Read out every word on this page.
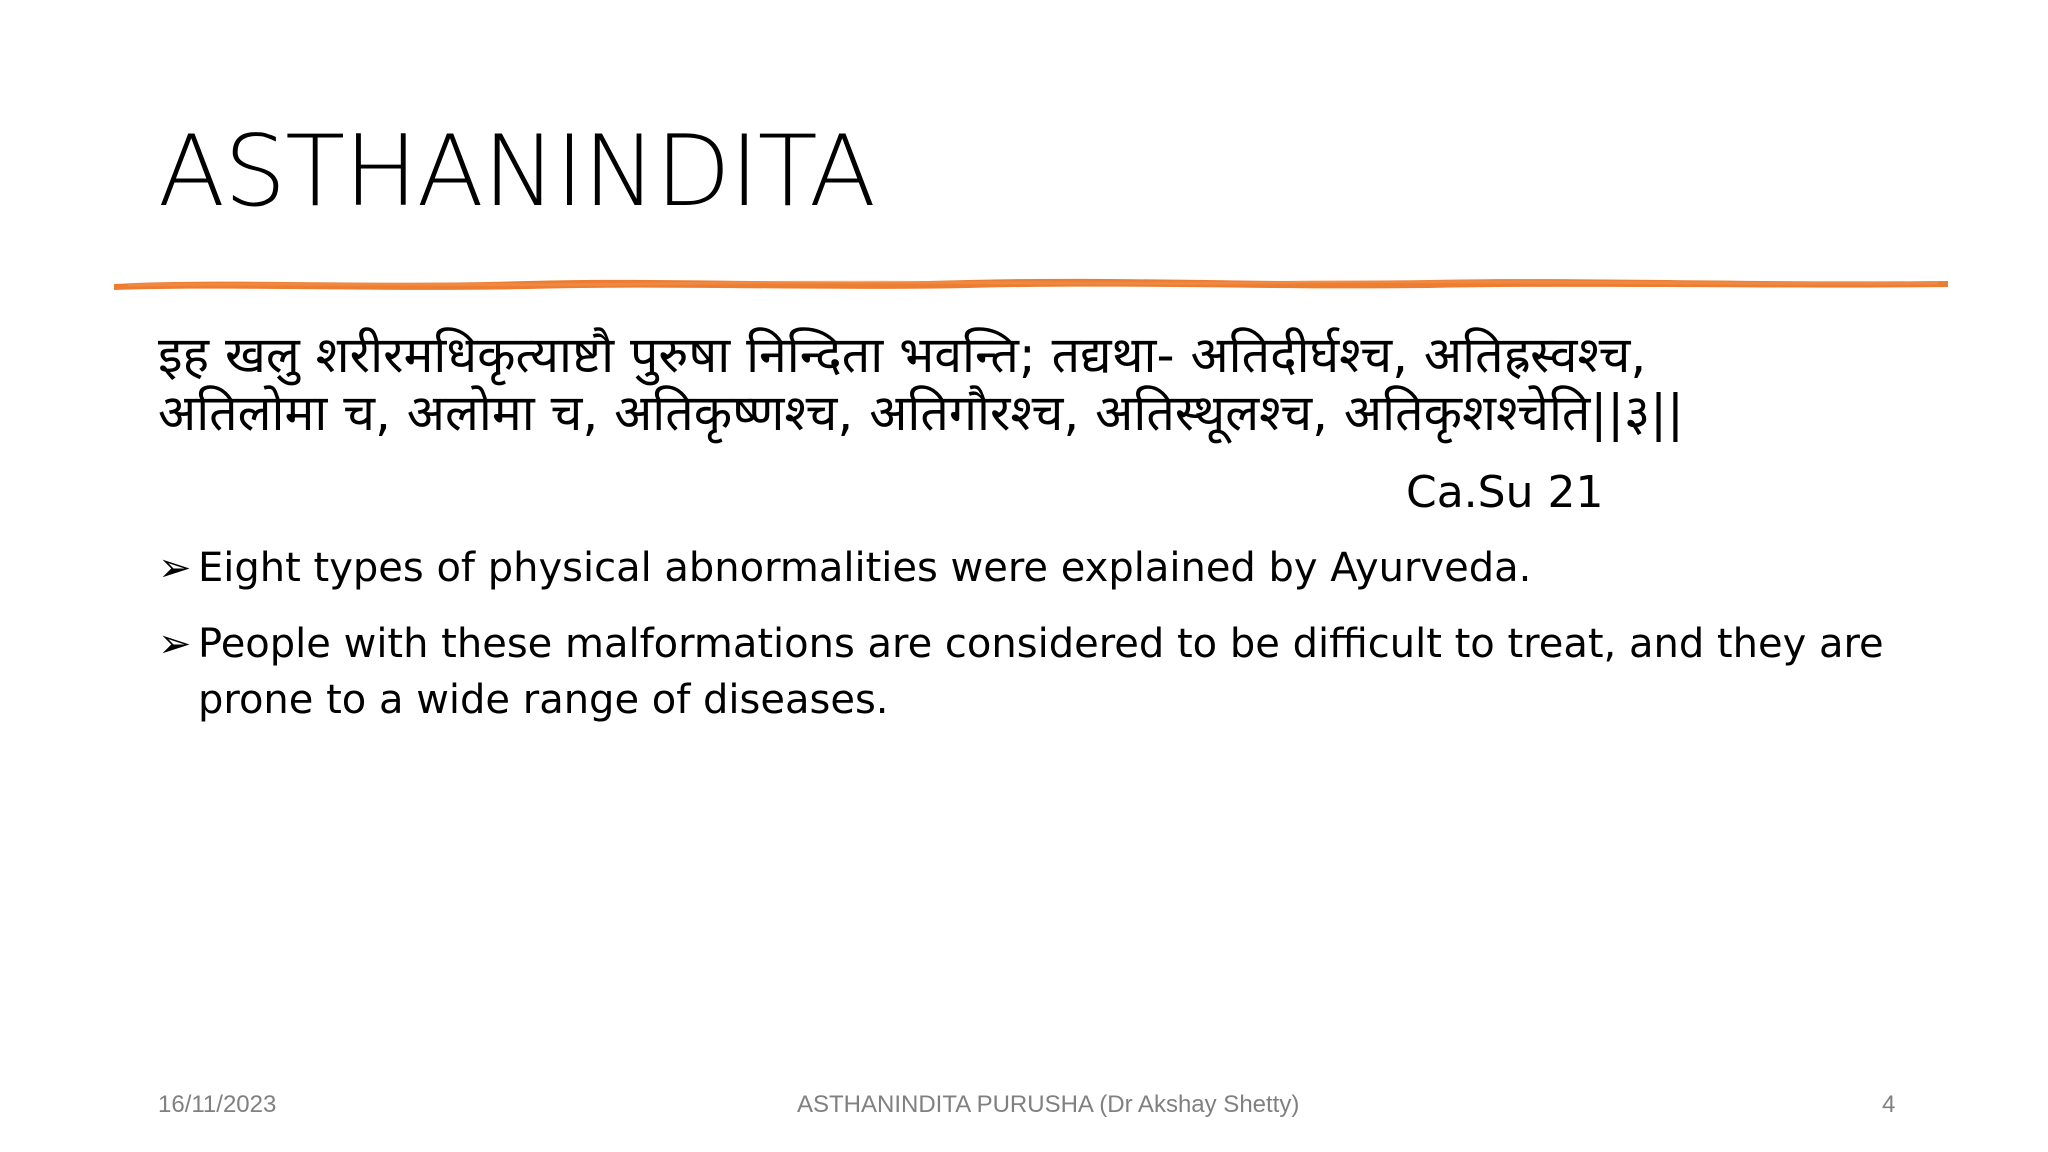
ASTHANINDITA
इह खलु शरीरमधिकृत्याष्टौ पुरुषा निन्दिता भवन्ति; तद्यथा- अतिदीर्घश्च, अतिह्रस्वश्च,
अतिलोमा च, अलोमा च, अतिकृष्णश्च, अतिगौरश्च, अतिस्थूलश्च, अतिकृशश्चेति||३||
Ca.Su 21
➢ Eight types of physical abnormalities were explained by Ayurveda.
➢ People with these malformations are considered to be difficult to treat, and they are prone to a wide range of diseases.
16/11/2023	ASTHANINDITA PURUSHA (Dr Akshay Shetty)	4
